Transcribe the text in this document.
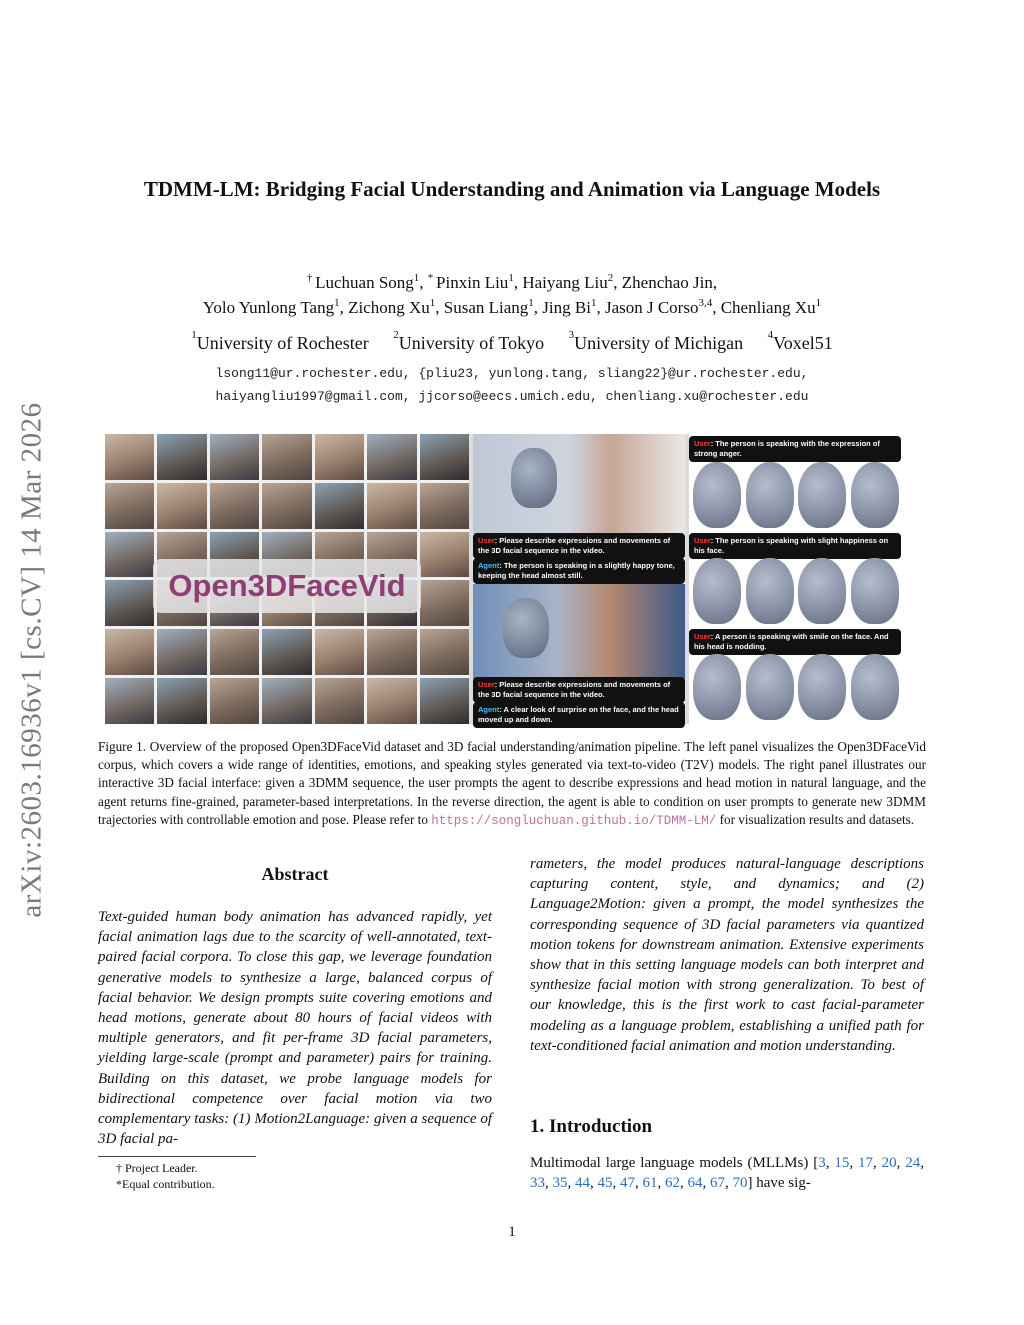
arXiv:2603.16936v1 [cs.CV] 14 Mar 2026
TDMM-LM: Bridging Facial Understanding and Animation via Language Models
† Luchuan Song$^1$, * Pinxin Liu$^1$, Haiyang Liu$^2$, Zhenchao Jin,
Yolo Yunlong Tang$^1$, Zichong Xu$^1$, Susan Liang$^1$, Jing Bi$^1$, Jason J Corso$^{3,4}$, Chenliang Xu$^1$
$^1$University of Rochester $^2$University of Tokyo $^3$University of Michigan $^4$Voxel51
lsong11@ur.rochester.edu, {pliu23, yunlong.tang, sliang22}@ur.rochester.edu,
haiyangliu1997@gmail.com, jjcorso@eecs.umich.edu, chenliang.xu@rochester.edu
Open3DFaceVid
User: Please describe expressions and movements of the 3D facial sequence in the video.
Agent: The person is speaking in a slightly happy tone, keeping the head almost still.
User: Please describe expressions and movements of the 3D facial sequence in the video.
Agent: A clear look of surprise on the face, and the head moved up and down.
User: The person is speaking with the expression of strong anger.
User: The person is speaking with slight happiness on his face.
User: A person is speaking with smile on the face. And his head is nodding.
Figure 1. Overview of the proposed Open3DFaceVid dataset and 3D facial understanding/animation pipeline. The left panel visualizes the Open3DFaceVid corpus, which covers a wide range of identities, emotions, and speaking styles generated via text-to-video (T2V) models. The right panel illustrates our interactive 3D facial interface: given a 3DMM sequence, the user prompts the agent to describe expressions and head motion in natural language, and the agent returns fine-grained, parameter-based interpretations. In the reverse direction, the agent is able to condition on user prompts to generate new 3DMM trajectories with controllable emotion and pose. Please refer to https://songluchuan.github.io/TDMM-LM/ for visualization results and datasets.
Abstract
Text-guided human body animation has advanced rapidly, yet facial animation lags due to the scarcity of well-annotated, text-paired facial corpora. To close this gap, we leverage foundation generative models to synthesize a large, balanced corpus of facial behavior. We design prompts suite covering emotions and head motions, generate about 80 hours of facial videos with multiple generators, and fit per-frame 3D facial parameters, yielding large-scale (prompt and parameter) pairs for training. Building on this dataset, we probe language models for bidirectional competence over facial motion via two complementary tasks: (1) Motion2Language: given a sequence of 3D facial pa-
rameters, the model produces natural-language descriptions capturing content, style, and dynamics; and (2) Language2Motion: given a prompt, the model synthesizes the corresponding sequence of 3D facial parameters via quantized motion tokens for downstream animation. Extensive experiments show that in this setting language models can both interpret and synthesize facial motion with strong generalization. To best of our knowledge, this is the first work to cast facial-parameter modeling as a language problem, establishing a unified path for text-conditioned facial animation and motion understanding.
1. Introduction
Multimodal large language models (MLLMs) [3, 15, 17, 20, 24, 33, 35, 44, 45, 47, 61, 62, 64, 67, 70] have sig-
† Project Leader.
*Equal contribution.
1
